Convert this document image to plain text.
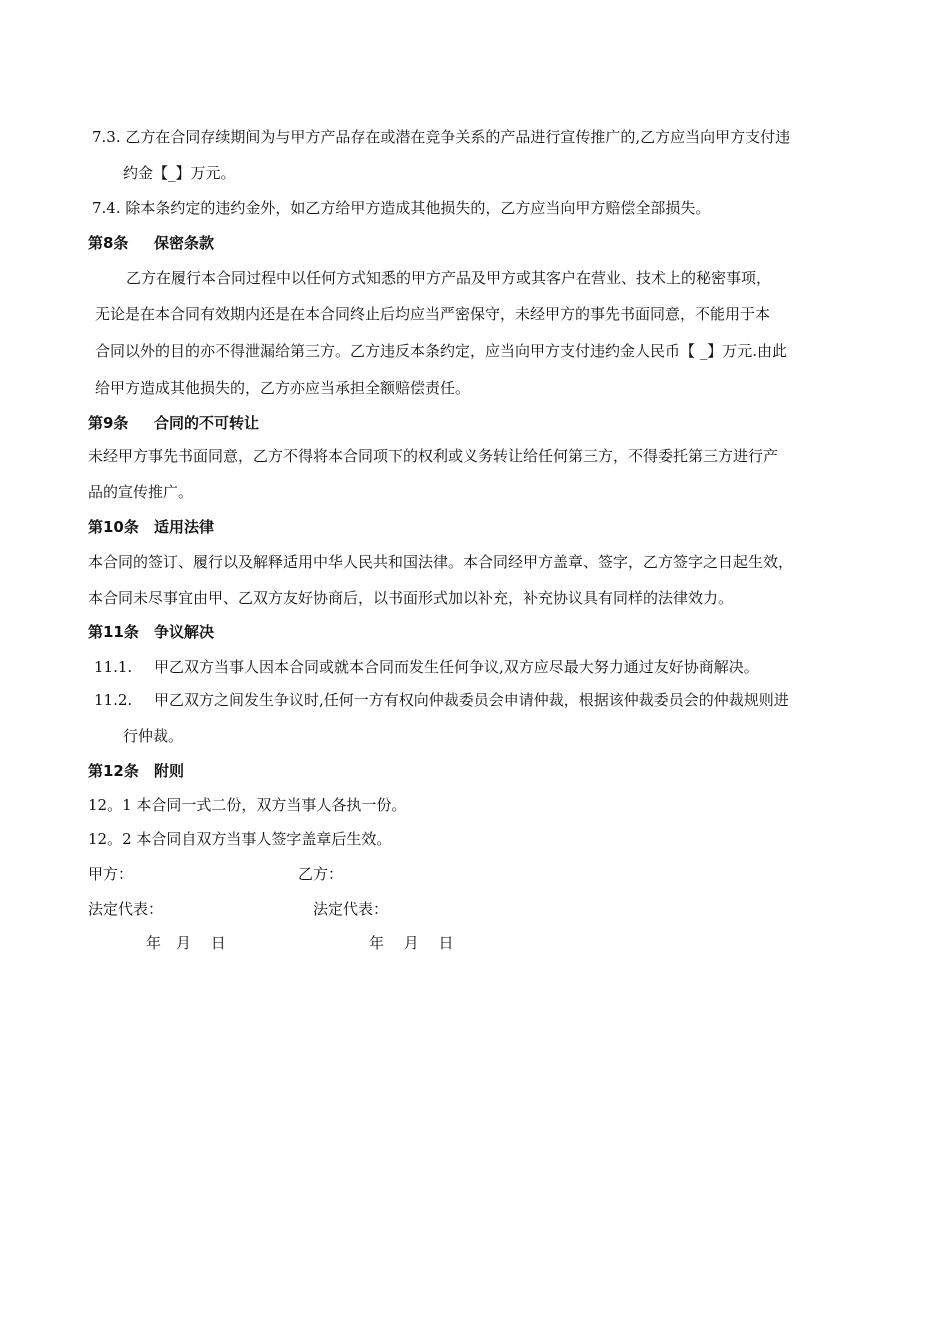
7.3. 乙方在合同存续期间为与甲方产品存在或潜在竞争关系的产品进行宣传推广的,乙方应当向甲方支付违
约金【_】万元。
7.4. 除本条约定的违约金外，如乙方给甲方造成其他损失的，乙方应当向甲方赔偿全部损失。
第8条 保密条款
乙方在履行本合同过程中以任何方式知悉的甲方产品及甲方或其客户在营业、技术上的秘密事项，
无论是在本合同有效期内还是在本合同终止后均应当严密保守，未经甲方的事先书面同意，不能用于本
合同以外的目的亦不得泄漏给第三方。乙方违反本条约定，应当向甲方支付违约金人民币【 _】万元.由此
给甲方造成其他损失的，乙方亦应当承担全额赔偿责任。
第9条 合同的不可转让
未经甲方事先书面同意，乙方不得将本合同项下的权利或义务转让给任何第三方，不得委托第三方进行产
品的宣传推广。
第10条 适用法律
本合同的签订、履行以及解释适用中华人民共和国法律。本合同经甲方盖章、签字，乙方签字之日起生效，
本合同未尽事宜由甲、乙双方友好协商后，以书面形式加以补充，补充协议具有同样的法律效力。
第11条 争议解决
11.1. 甲乙双方当事人因本合同或就本合同而发生任何争议,双方应尽最大努力通过友好协商解决。
11.2. 甲乙双方之间发生争议时,任何一方有权向仲裁委员会申请仲裁，根据该仲裁委员会的仲裁规则进
行仲裁。
第12条 附则
12。1 本合同一式二份，双方当事人各执一份。
12。2 本合同自双方当事人签字盖章后生效。
甲方：	乙方：
法定代表：	法定代表：
年　月　 日	年　 月　 日
